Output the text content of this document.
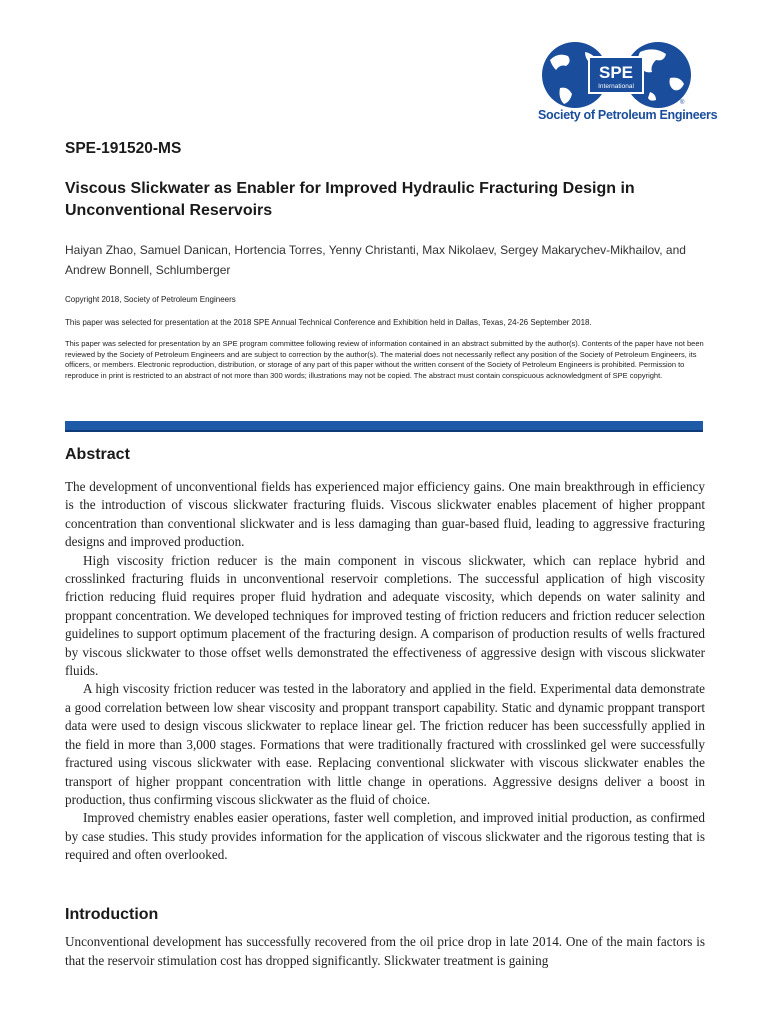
SPE
International
®
Society of Petroleum Engineers
SPE-191520-MS
Viscous Slickwater as Enabler for Improved Hydraulic Fracturing Design in Unconventional Reservoirs
Haiyan Zhao, Samuel Danican, Hortencia Torres, Yenny Christanti, Max Nikolaev, Sergey Makarychev-Mikhailov, and Andrew Bonnell, Schlumberger
Copyright 2018, Society of Petroleum Engineers
This paper was selected for presentation at the 2018 SPE Annual Technical Conference and Exhibition held in Dallas, Texas, 24-26 September 2018.
This paper was selected for presentation by an SPE program committee following review of information contained in an abstract submitted by the author(s). Contents of the paper have not been reviewed by the Society of Petroleum Engineers and are subject to correction by the author(s). The material does not necessarily reflect any position of the Society of Petroleum Engineers, its officers, or members. Electronic reproduction, distribution, or storage of any part of this paper without the written consent of the Society of Petroleum Engineers is prohibited. Permission to reproduce in print is restricted to an abstract of not more than 300 words; illustrations may not be copied. The abstract must contain conspicuous acknowledgment of SPE copyright.
Abstract

The development of unconventional fields has experienced major efficiency gains. One main breakthrough in efficiency is the introduction of viscous slickwater fracturing fluids. Viscous slickwater enables placement of higher proppant concentration than conventional slickwater and is less damaging than guar-based fluid, leading to aggressive fracturing designs and improved production.

High viscosity friction reducer is the main component in viscous slickwater, which can replace hybrid and crosslinked fracturing fluids in unconventional reservoir completions. The successful application of high viscosity friction reducing fluid requires proper fluid hydration and adequate viscosity, which depends on water salinity and proppant concentration. We developed techniques for improved testing of friction reducers and friction reducer selection guidelines to support optimum placement of the fracturing design. A comparison of production results of wells fractured by viscous slickwater to those offset wells demonstrated the effectiveness of aggressive design with viscous slickwater fluids.

A high viscosity friction reducer was tested in the laboratory and applied in the field. Experimental data demonstrate a good correlation between low shear viscosity and proppant transport capability. Static and dynamic proppant transport data were used to design viscous slickwater to replace linear gel. The friction reducer has been successfully applied in the field in more than 3,000 stages. Formations that were traditionally fractured with crosslinked gel were successfully fractured using viscous slickwater with ease. Replacing conventional slickwater with viscous slickwater enables the transport of higher proppant concentration with little change in operations. Aggressive designs deliver a boost in production, thus confirming viscous slickwater as the fluid of choice.

Improved chemistry enables easier operations, faster well completion, and improved initial production, as confirmed by case studies. This study provides information for the application of viscous slickwater and the rigorous testing that is required and often overlooked.

Introduction

Unconventional development has successfully recovered from the oil price drop in late 2014. One of the main factors is that the reservoir stimulation cost has dropped significantly. Slickwater treatment is gaining
